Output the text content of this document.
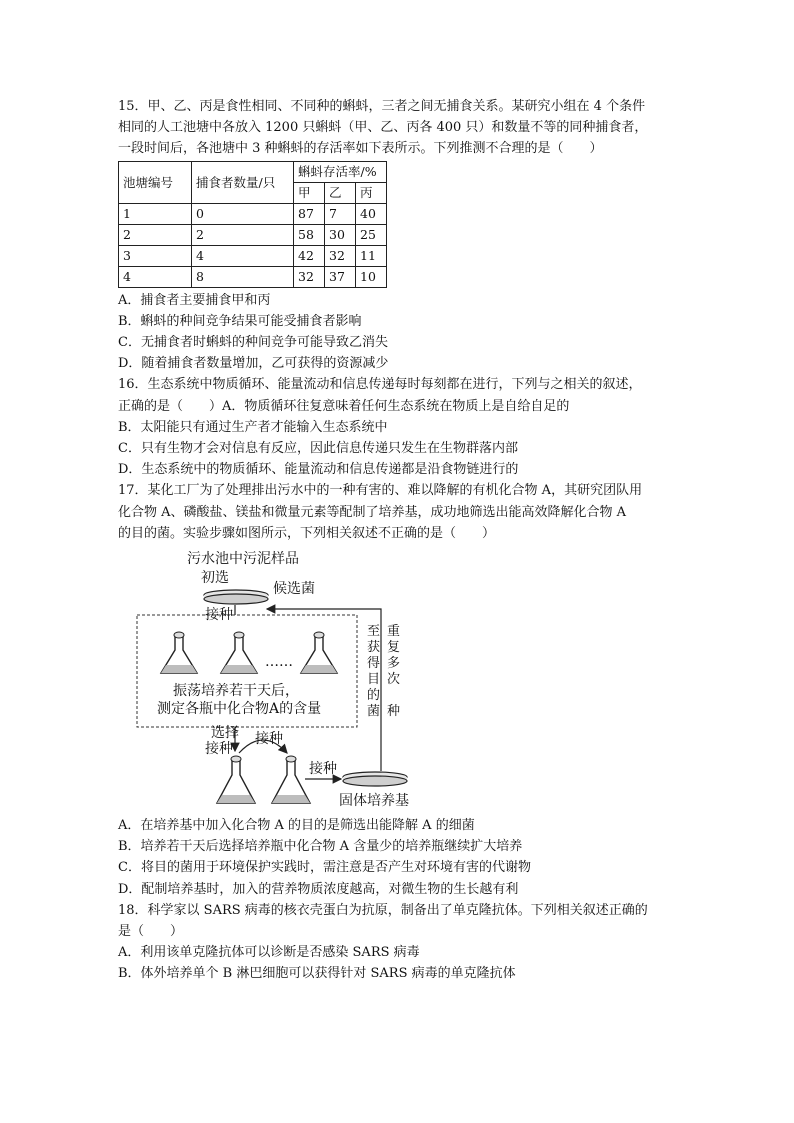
15．甲、乙、丙是食性相同、不同种的蝌蚪，三者之间无捕食关系。某研究小组在 4 个条件

相同的人工池塘中各放入 1200 只蝌蚪（甲、乙、丙各 400 只）和数量不等的同种捕食者，

一段时间后，各池塘中 3 种蝌蚪的存活率如下表所示。下列推测不合理的是（　　）

池塘编号	捕食者数量/只	蝌蚪存活率/%		
		甲	乙	丙
1	0	87	7	40
2	2	58	30	25
3	4	42	32	11
4	8	32	37	10

A．捕食者主要捕食甲和丙

B．蝌蚪的种间竞争结果可能受捕食者影响

C．无捕食者时蝌蚪的种间竞争可能导致乙消失

D．随着捕食者数量增加，乙可获得的资源减少

16．生态系统中物质循环、能量流动和信息传递每时每刻都在进行，下列与之相关的叙述，

正确的是（　　）A．物质循环往复意味着任何生态系统在物质上是自给自足的

B．太阳能只有通过生产者才能输入生态系统中

C．只有生物才会对信息有反应，因此信息传递只发生在生物群落内部

D．生态系统中的物质循环、能量流动和信息传递都是沿食物链进行的

17．某化工厂为了处理排出污水中的一种有害的、难以降解的有机化合物 A，其研究团队用

化合物 A、磷酸盐、镁盐和微量元素等配制了培养基，成功地筛选出能高效降解化合物 A

的目的菌。实验步骤如图所示，下列相关叙述不正确的是（　　）

污水池中污泥样品
初选
候选菌
接种
……
振荡培养若干天后，
测定各瓶中化合物A的含量
选择 接种
接种
接种
固体培养基
重
复
多
次
至
获
得
目
的
菌 种

A．在培养基中加入化合物 A 的目的是筛选出能降解 A 的细菌

B．培养若干天后选择培养瓶中化合物 A 含量少的培养瓶继续扩大培养

C．将目的菌用于环境保护实践时，需注意是否产生对环境有害的代谢物

D．配制培养基时，加入的营养物质浓度越高，对微生物的生长越有利

18．科学家以 SARS 病毒的核衣壳蛋白为抗原，制备出了单克隆抗体。下列相关叙述正确的

是（　　）

A．利用该单克隆抗体可以诊断是否感染 SARS 病毒

B．体外培养单个 B 淋巴细胞可以获得针对 SARS 病毒的单克隆抗体
